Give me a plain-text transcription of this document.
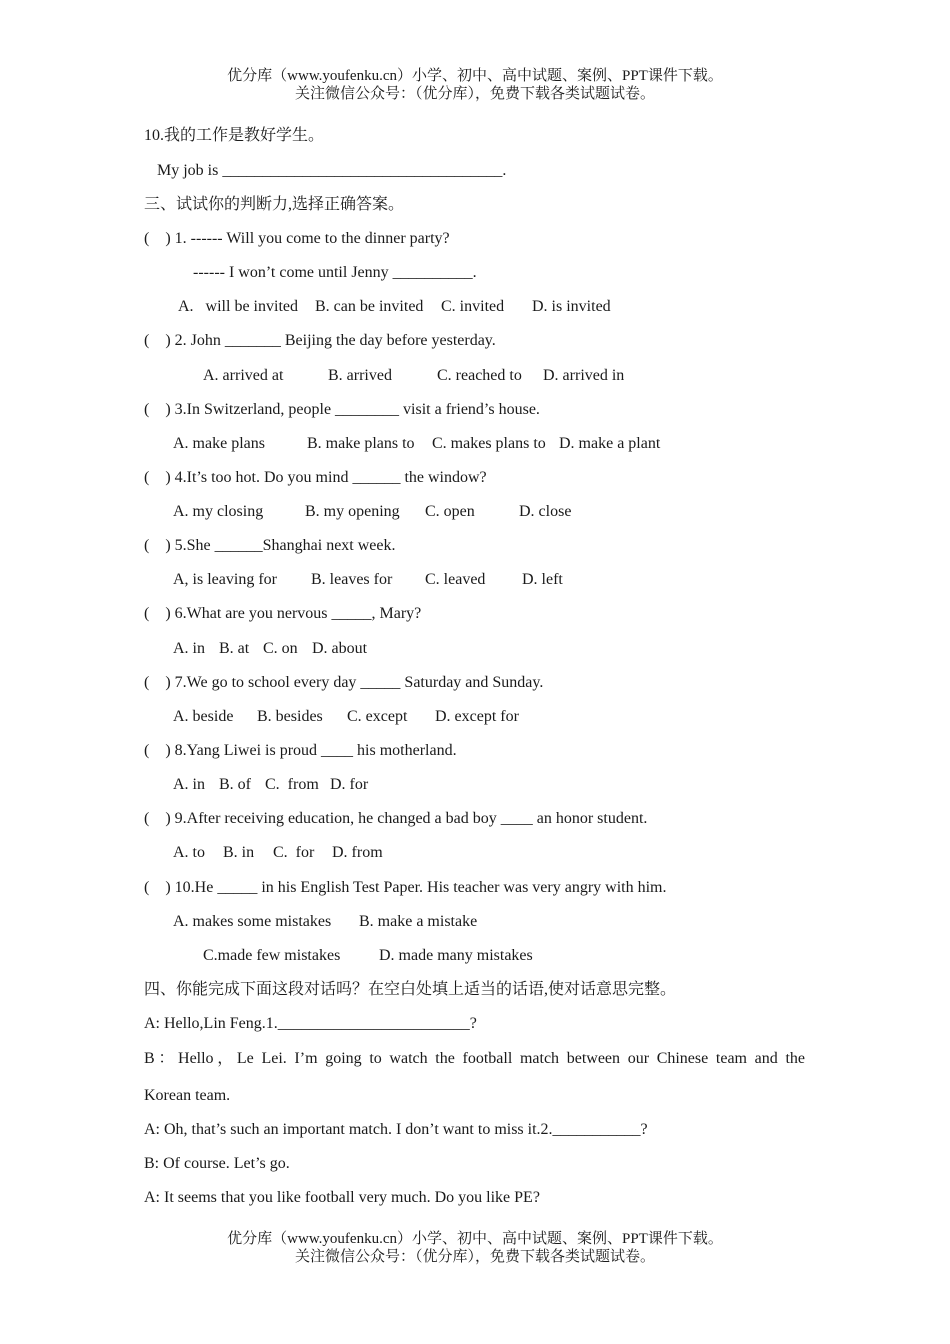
优分库（www.youfenku.cn）小学、初中、高中试题、案例、PPT课件下载。
关注微信公众号：（优分库），免费下载各类试题试卷。
10.我的工作是教好学生。
My job is ___________________________________.
三、试试你的判断力,选择正确答案。
(    ) 1. ------ Will you come to the dinner party?
------ I won’t come until Jenny __________.
A.   will be invited B. can be invited C. invited D. is invited
(    ) 2. John _______ Beijing the day before yesterday.
A. arrived at	B. arrived	C. reached to D. arrived in
(    ) 3.In Switzerland, people ________ visit a friend’s house.
A. make plans	B. make plans to C. makes plans to D. make a plant
(    ) 4.It’s too hot. Do you mind ______ the window?
A. my closing	B. my opening C. open	D. close
(    ) 5.She ______Shanghai next week.
A, is leaving for B. leaves for C. leaved D. left
(    ) 6.What are you nervous _____, Mary?
A. in B. at C. on D. about
(    ) 7.We go to school every day _____ Saturday and Sunday.
A. beside B. besides C. except D. except for
(    ) 8.Yang Liwei is proud ____ his motherland.
A. in B. of C.  from D. for
(    ) 9.After receiving education, he changed a bad boy ____ an honor student.
A. to B. in C.  for D. from
(    ) 10.He _____ in his English Test Paper. His teacher was very angry with him.
A. makes some mistakes B. make a mistake
C.made few mistakes D. made many mistakes
四、你能完成下面这段对话吗？在空白处填上适当的话语,使对话意思完整。
A: Hello,Lin Feng.1.________________________?
B：Hello，Le Lei. I’m going to watch the football match between our Chinese team and the
Korean team.
A: Oh, that’s such an important match. I don’t want to miss it.2.___________?
B: Of course. Let’s go.
A: It seems that you like football very much. Do you like PE?
优分库（www.youfenku.cn）小学、初中、高中试题、案例、PPT课件下载。
关注微信公众号：（优分库），免费下载各类试题试卷。
